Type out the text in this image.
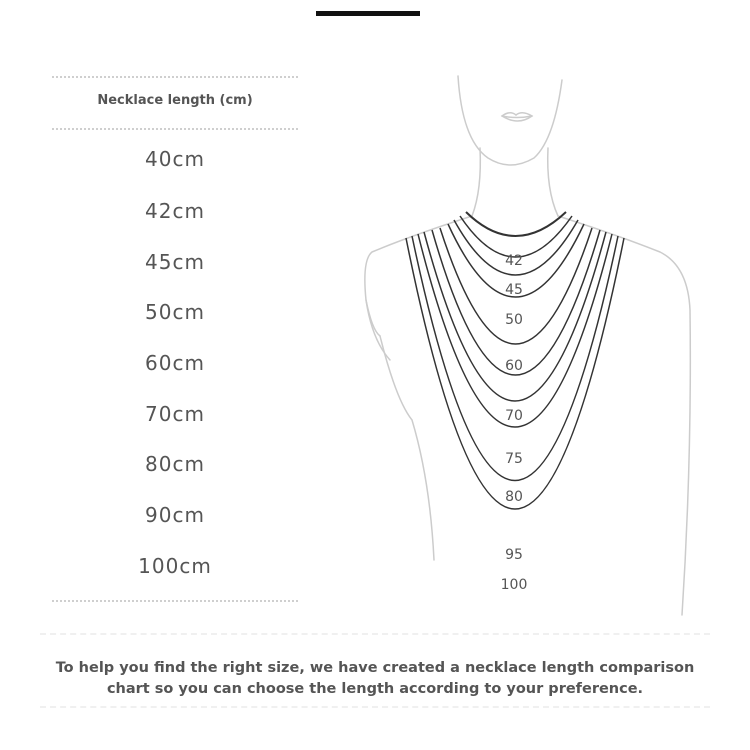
Necklace length (cm)
40cm
42cm
45cm
50cm
60cm
70cm
80cm
90cm
100cm
42
45
50
60
70
75
80
95
100
To help you find the right size, we have created a necklace length comparison
chart so you can choose the length according to your preference.
